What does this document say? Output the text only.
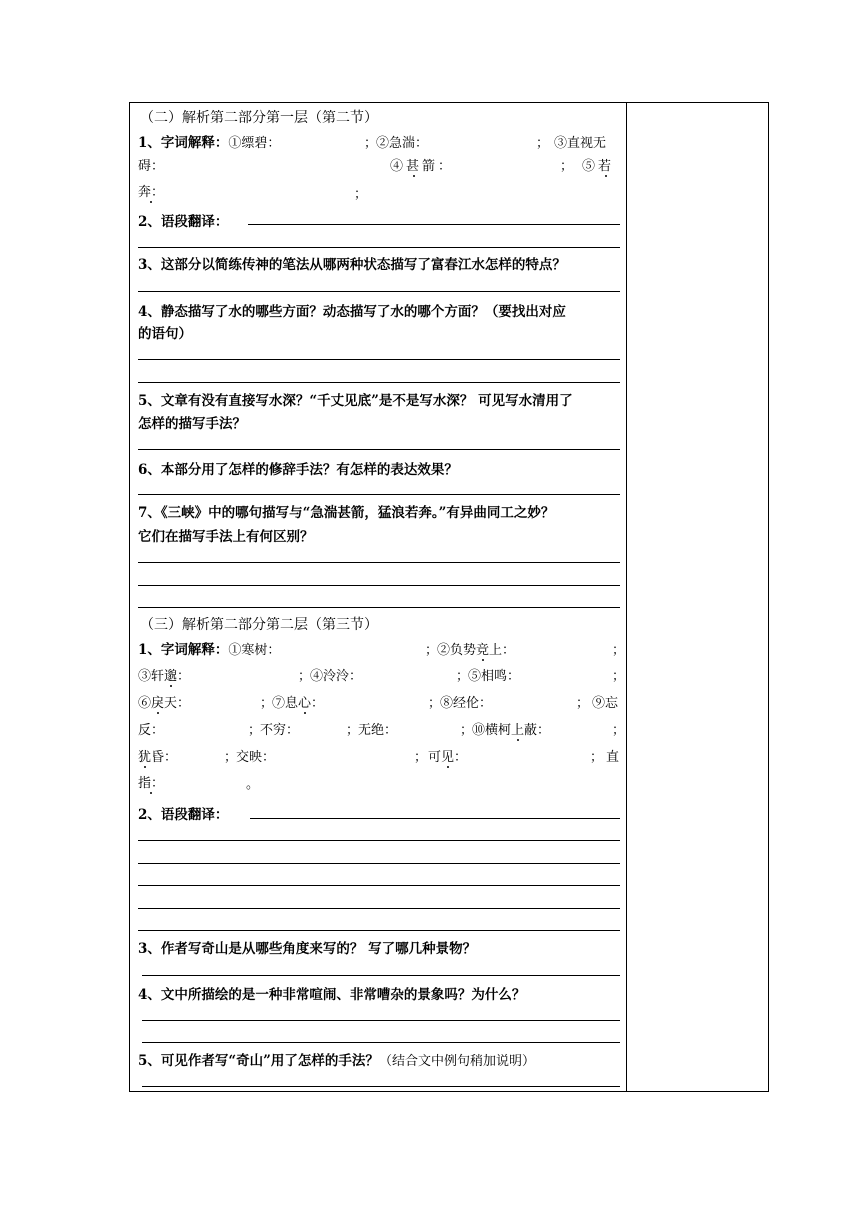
（二）解析第二部分第一层（第二节）
1、字词解释：①缥碧：	；
②急湍：	； ③直视无
碍：	④甚箭：	； ⑤若
奔：	；
2、语段翻译：
3、这部分以简练传神的笔法从哪两种状态描写了富春江水怎样的特点？
4、静态描写了水的哪些方面？动态描写了水的哪个方面？（要找出对应
的语句）
5、文章有没有直接写水深？“千丈见底”是不是写水深？ 可见写水清用了
怎样的描写手法？
6、本部分用了怎样的修辞手法？有怎样的表达效果？
7、《三峡》中的哪句描写与“急湍甚箭，猛浪若奔。”有异曲同工之妙？
它们在描写手法上有何区别？
（三）解析第二部分第二层（第三节）
1、字词解释：①寒树：	；
②负势竞上：	；
③轩邈：	；
④泠泠：	；
⑤相鸣：	；
⑥戾天：	；
⑦息心：	；
⑧经伦：	； ⑨忘
反：	；
不穷：	；
无绝：	；
⑩横柯上蔽：	；
犹昏：	；
交映：	； 可见：	； 直
指：	。
2、语段翻译：
3、作者写奇山是从哪些角度来写的？ 写了哪几种景物？
4、文中所描绘的是一种非常喧闹、非常嘈杂的景象吗？为什么？
5、可见作者写“奇山”用了怎样的手法？（结合文中例句稍加说明）
